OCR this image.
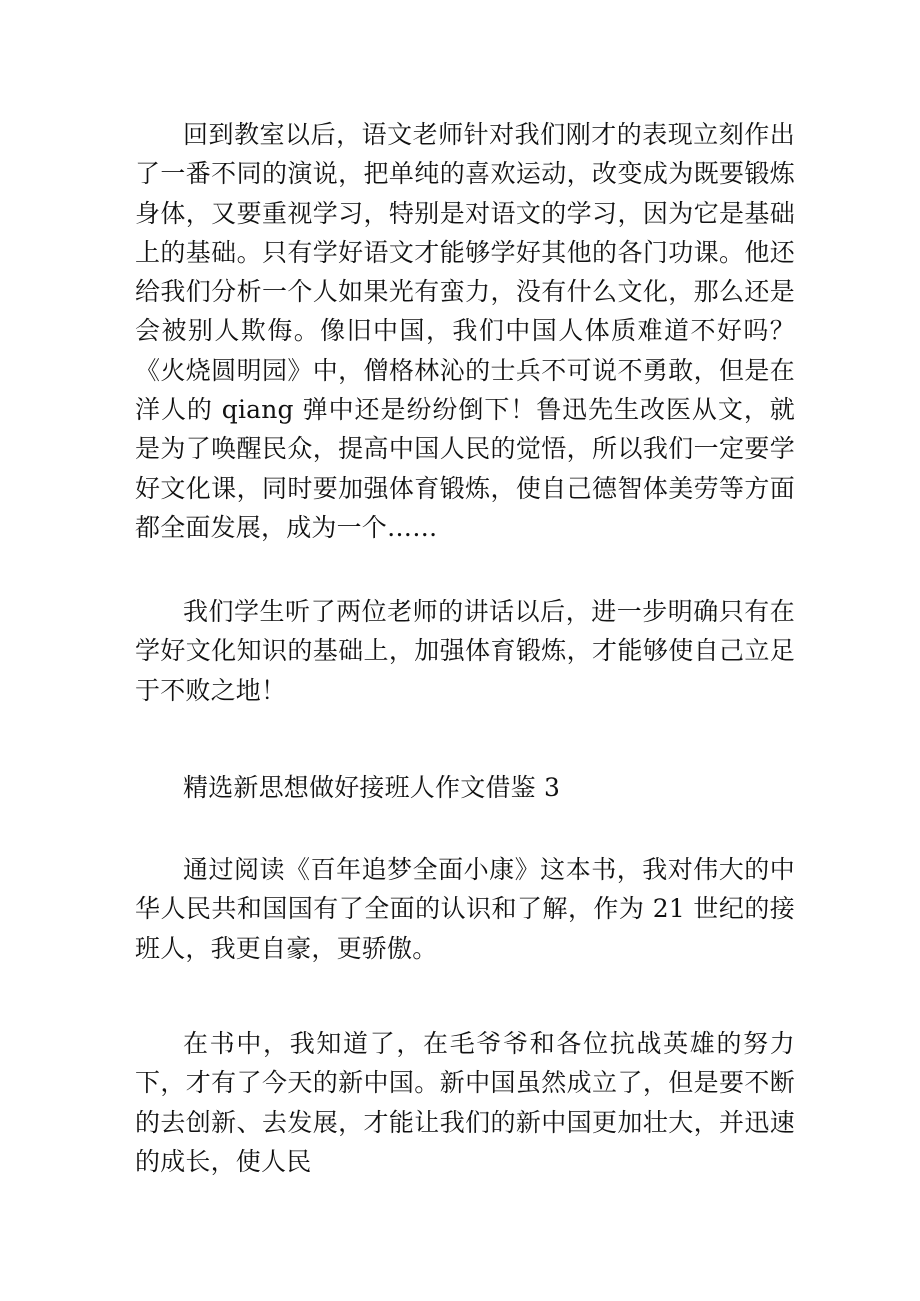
回到教室以后，语文老师针对我们刚才的表现立刻作出了一番不同的演说，把单纯的喜欢运动，改变成为既要锻炼身体，又要重视学习，特别是对语文的学习，因为它是基础上的基础。只有学好语文才能够学好其他的各门功课。他还给我们分析一个人如果光有蛮力，没有什么文化，那么还是会被别人欺侮。像旧中国，我们中国人体质难道不好吗？《火烧圆明园》中，僧格林沁的士兵不可说不勇敢，但是在洋人的 qiang 弹中还是纷纷倒下！鲁迅先生改医从文，就是为了唤醒民众，提高中国人民的觉悟，所以我们一定要学好文化课，同时要加强体育锻炼，使自己德智体美劳等方面都全面发展，成为一个……

我们学生听了两位老师的讲话以后，进一步明确只有在学好文化知识的基础上，加强体育锻炼，才能够使自己立足于不败之地！

精选新思想做好接班人作文借鉴 3

通过阅读《百年追梦全面小康》这本书，我对伟大的中华人民共和国国有了全面的认识和了解，作为 21 世纪的接班人，我更自豪，更骄傲。

在书中，我知道了，在毛爷爷和各位抗战英雄的努力下，才有了今天的新中国。新中国虽然成立了，但是要不断的去创新、去发展，才能让我们的新中国更加壮大，并迅速的成长，使人民
